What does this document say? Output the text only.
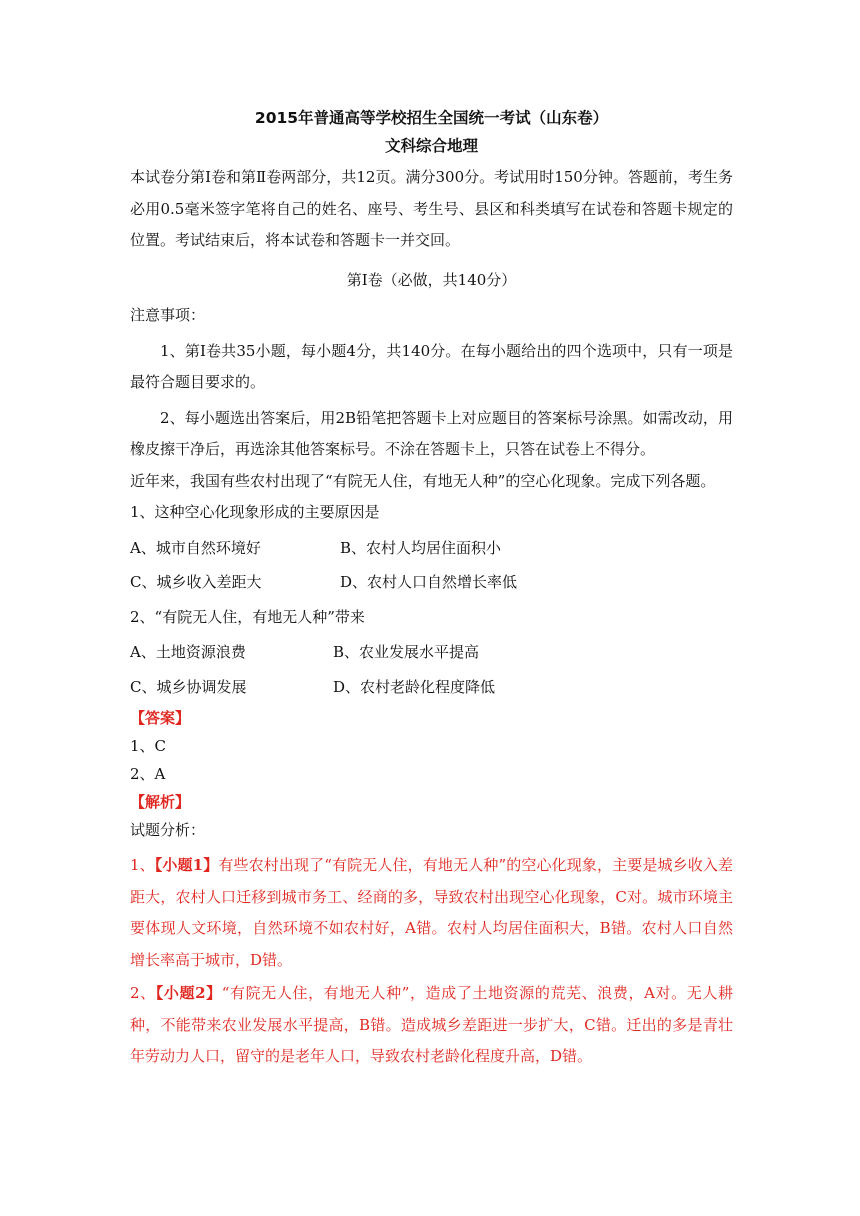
2015年普通高等学校招生全国统一考试（山东卷）

文科综合地理

本试卷分第Ⅰ卷和第Ⅱ卷两部分，共12页。满分300分。考试用时150分钟。答题前，考生务必用0.5毫米签字笔将自己的姓名、座号、考生号、县区和科类填写在试卷和答题卡规定的位置。考试结束后，将本试卷和答题卡一并交回。

第Ⅰ卷（必做，共140分）

注意事项：

1、第Ⅰ卷共35小题，每小题4分，共140分。在每小题给出的四个选项中，只有一项是最符合题目要求的。

2、每小题选出答案后，用2B铅笔把答题卡上对应题目的答案标号涂黑。如需改动，用橡皮擦干净后，再选涂其他答案标号。不涂在答题卡上，只答在试卷上不得分。

近年来，我国有些农村出现了“有院无人住，有地无人种”的空心化现象。完成下列各题。

1、这种空心化现象形成的主要原因是

A、城市自然环境好	B、农村人均居住面积小
C、城乡收入差距大	D、农村人口自然增长率低

2、“有院无人住，有地无人种”带来

A、土地资源浪费	B、农业发展水平提高
C、城乡协调发展	D、农村老龄化程度降低

【答案】

1、C

2、A

【解析】

试题分析：

1、【小题1】有些农村出现了“有院无人住，有地无人种”的空心化现象，主要是城乡收入差距大，农村人口迁移到城市务工、经商的多，导致农村出现空心化现象，C对。城市环境主要体现人文环境，自然环境不如农村好，A错。农村人均居住面积大，B错。农村人口自然增长率高于城市，D错。

2、【小题2】“有院无人住，有地无人种”，造成了土地资源的荒芜、浪费，A对。无人耕种，不能带来农业发展水平提高，B错。造成城乡差距进一步扩大，C错。迁出的多是青壮年劳动力人口，留守的是老年人口，导致农村老龄化程度升高，D错。
